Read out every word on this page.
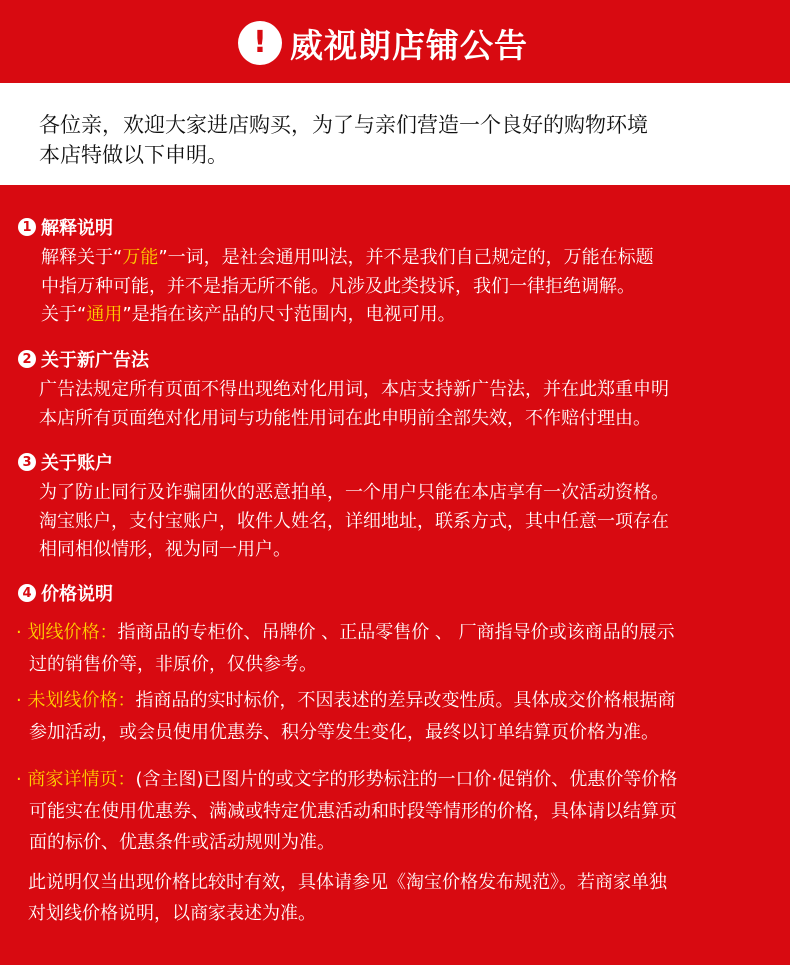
! 威视朗店铺公告

各位亲，欢迎大家进店购买，为了与亲们营造一个良好的购物环境
本店特做以下申明。

1 解释说明

解释关于“万能”一词，是社会通用叫法，并不是我们自己规定的，万能在标题
中指万种可能，并不是指无所不能。凡涉及此类投诉，我们一律拒绝调解。
关于“通用”是指在该产品的尺寸范围内，电视可用。

2 关于新广告法

广告法规定所有页面不得出现绝对化用词，本店支持新广告法，并在此郑重申明
本店所有页面绝对化用词与功能性用词在此申明前全部失效，不作赔付理由。

3 关于账户

为了防止同行及诈骗团伙的恶意拍单，一个用户只能在本店享有一次活动资格。
淘宝账户，支付宝账户，收件人姓名，详细地址，联系方式，其中任意一项存在
相同相似情形，视为同一用户。

4 价格说明

· 划线价格：指商品的专柜价、吊牌价 、正品零售价 、 厂商指导价或该商品的展示
过的销售价等，非原价，仅供参考。

· 未划线价格：指商品的实时标价，不因表述的差异改变性质。具体成交价格根据商
参加活动，或会员使用优惠券、积分等发生变化，最终以订单结算页价格为准。

· 商家详情页：(含主图)已图片的或文字的形势标注的一口价·促销价、优惠价等价格
可能实在使用优惠券、满减或特定优惠活动和时段等情形的价格，具体请以结算页
面的标价、优惠条件或活动规则为准。

此说明仅当出现价格比较时有效，具体请参见《淘宝价格发布规范》。若商家单独
对划线价格说明，以商家表述为准。
